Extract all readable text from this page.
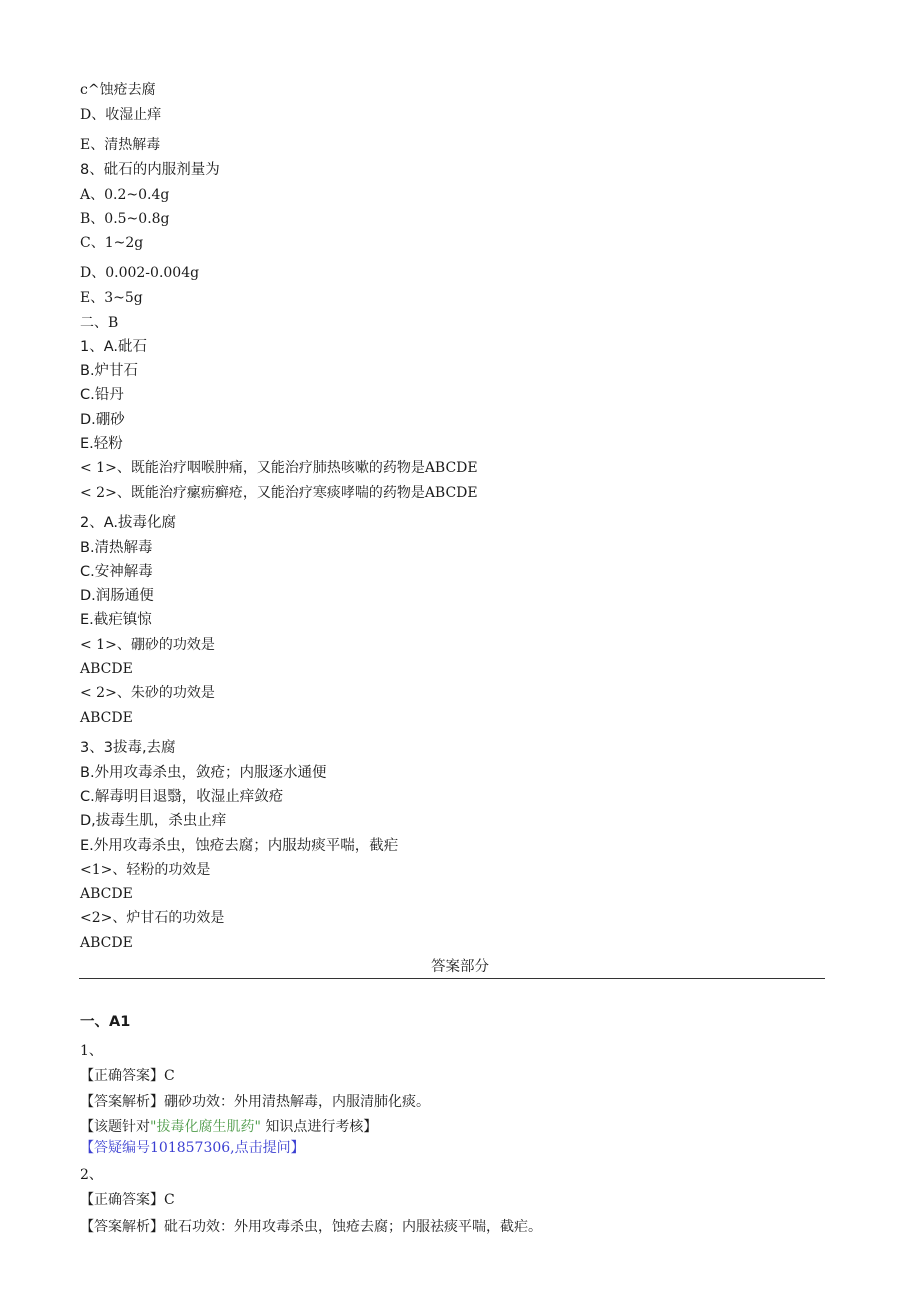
c^蚀疮去腐
D、收湿止痒
E、清热解毒
8、砒石的内服剂量为
A、0.2~0.4g
B、0.5~0.8g
C、1~2g
D、0.002-0.004g
E、3~5g
二、B
1、A.砒石
B.炉甘石
C.铅丹
D.硼砂
E.轻粉
< 1>、既能治疗咽喉肿痛，又能治疗肺热咳嗽的药物是ABCDE
< 2>、既能治疗瘰疬癣疮，又能治疗寒痰哮喘的药物是ABCDE
2、A.拔毒化腐
B.清热解毒
C.安神解毒
D.润肠通便
E.截疟镇惊
< 1>、硼砂的功效是
ABCDE
< 2>、朱砂的功效是
ABCDE
3、3拔毒,去腐
B.外用攻毒杀虫，敛疮；内服逐水通便
C.解毒明目退翳，收湿止痒敛疮
D,拔毒生肌，杀虫止痒
E.外用攻毒杀虫，蚀疮去腐；内服劫痰平喘，截疟
<1>、轻粉的功效是
ABCDE
<2>、炉甘石的功效是
ABCDE
答案部分
一、A1
1、
【正确答案】C
【答案解析】硼砂功效：外用清热解毒，内服清肺化痰。
【该题针对"拔毒化腐生肌药" 知识点进行考核】
【答疑编号101857306,点击提问】
2、
【正确答案】C
【答案解析】砒石功效：外用攻毒杀虫，蚀疮去腐；内服祛痰平喘，截疟。
